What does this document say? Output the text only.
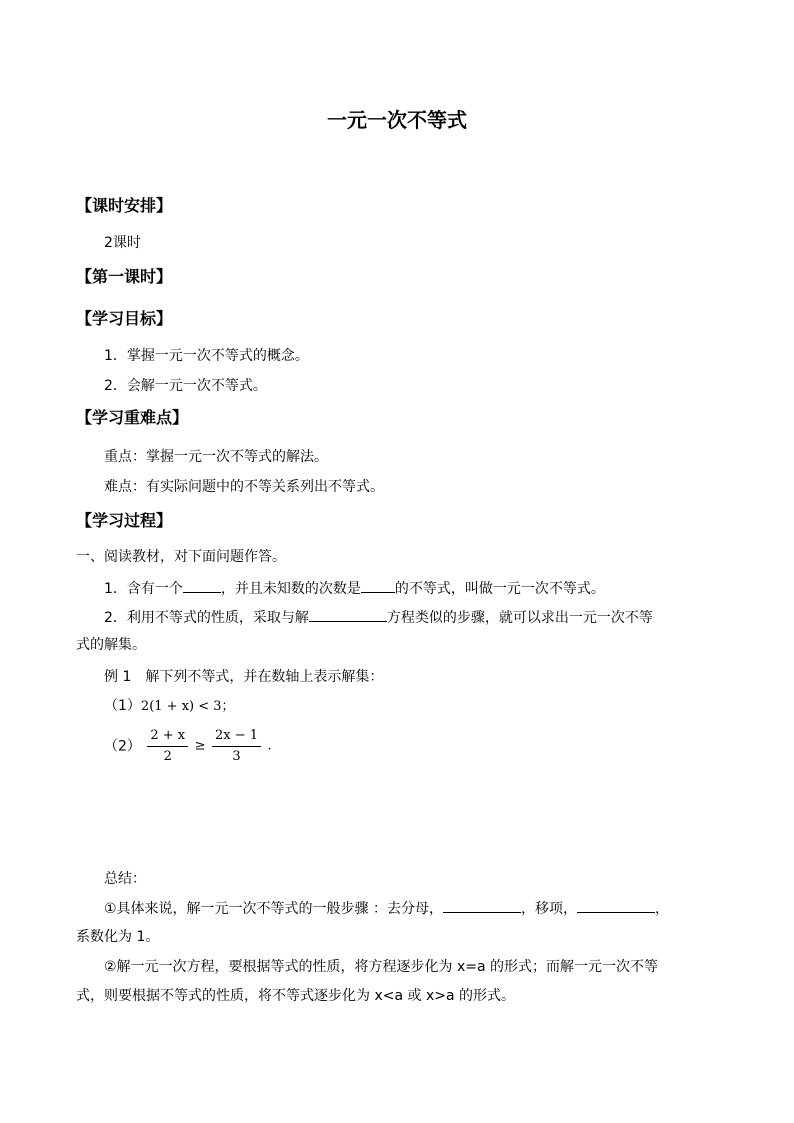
一元一次不等式
【课时安排】
2课时
【第一课时】
【学习目标】
1．掌握一元一次不等式的概念。
2．会解一元一次不等式。
【学习重难点】
重点：掌握一元一次不等式的解法。
难点：有实际问题中的不等关系列出不等式。
【学习过程】
一、阅读教材，对下面问题作答。
1．含有一个	，并且未知数的次数是 的不等式，叫做一元一次不等式。
2．利用不等式的性质，采取与解	方程类似的步骤，就可以求出一元一次不等
式的解集。
例 1　解下列不等式，并在数轴上表示解集：
（1）2(1 + x) < 3；
$(2) \frac{2 + x}{2} \ge \frac{2x - 1}{3}$ .
总结：
①具体来说，解一元一次不等式的一般步骤 ：去分母，	，移项，	，
系数化为 1。
②解一元一次方程，要根据等式的性质，将方程逐步化为 x=a 的形式；而解一元一次不等
式，则要根据不等式的性质，将不等式逐步化为 x<a 或 x>a 的形式。
